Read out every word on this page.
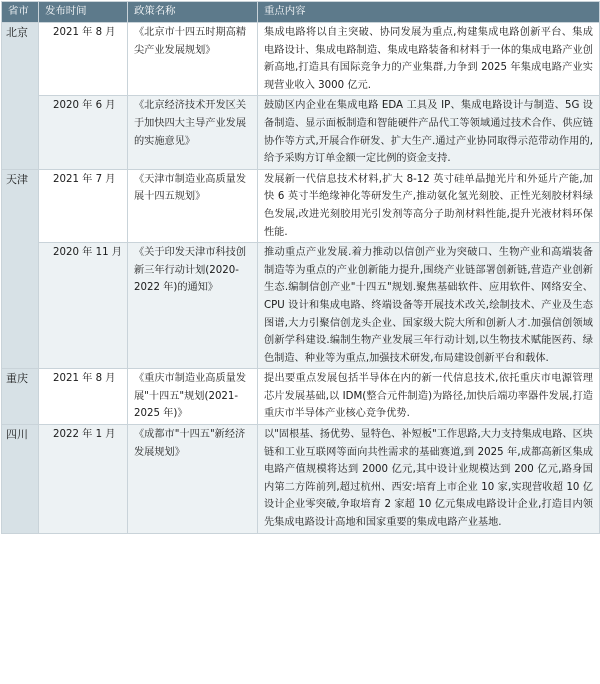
省市	发布时间	政策名称	重点内容
北京	2021 年 8 月	《北京市十四五时期高精尖产业发展规划》	集成电路将以自主突破、协同发展为重点,构建集成电路创新平台、集成电路设计、集成电路制造、集成电路装备和材料于一体的集成电路产业创新高地,打造具有国际竞争力的产业集群,力争到 2025 年集成电路产业实现营业收入 3000 亿元.
	2020 年 6 月	《北京经济技术开发区关于加快四大主导产业发展的实施意见》	鼓励区内企业在集成电路 EDA 工具及 IP、集成电路设计与制造、5G 设备制造、显示面板制造和智能硬件产品代工等领域通过技术合作、供应链协作等方式,开展合作研发、扩大生产.通过产业协同取得示范带动作用的,给予采购方订单金额一定比例的资金支持.
天津	2021 年 7 月	《天津市制造业高质量发展十四五规划》	发展新一代信息技术材料,扩大 8-12 英寸硅单晶抛光片和外延片产能,加快 6 英寸半绝缘神化等研发生产,推动氨化氢光刻胶、正性光刻胶材料绿色发展,改进光刻胶用光引发剂等高分子助剂材料性能,提升光液材料环保性能.
	2020 年 11 月	《关于印发天津市科技创新三年行动计划(2020-2022 年)的通知》	推动重点产业发展.着力推动以信创产业为突破口、生物产业和高端装备制造等为重点的产业创新能力提升,围绕产业链部署创新链,营造产业创新生态.编制信创产业"十四五"规划.聚焦基础软件、应用软件、网络安全、CPU 设计和集成电路、终端设备等开展技术改关,绘制技术、产业及生态图谱,大力引聚信创龙头企业、国家级大院大所和创新人才.加强信创领域创新学科建设.编制生物产业发展三年行动计划,以生物技术赋能医药、绿色制造、种业等为重点,加强技术研发,布局建设创新平台和载体.
重庆	2021 年 8 月	《重庆市制造业高质量发展"十四五"规划(2021-2025 年)》	提出要重点发展包括半导体在内的新一代信息技术,依托重庆市电源管理芯片发展基础,以 IDM(整合元件制造)为路径,加快后端功率器件发展,打造重庆市半导体产业核心竞争优势.
四川	2022 年 1 月	《成都市"十四五"新经济发展规划》	以"固根基、扬优势、显特色、补短板"工作思路,大力支持集成电路、区块链和工业互联网等面向共性需求的基础赛道,到 2025 年,成都高新区集成电路产值规模将达到 2000 亿元,其中设计业规模达到 200 亿元,路身国内第二方阵前列,超过杭州、西安:培育上市企业 10 家,实现营收超 10 亿设计企业零突破,争取培育 2 家超 10 亿元集成电路设计企业,打造目内领先集成电路设计高地和国家重要的集成电路产业基地.
